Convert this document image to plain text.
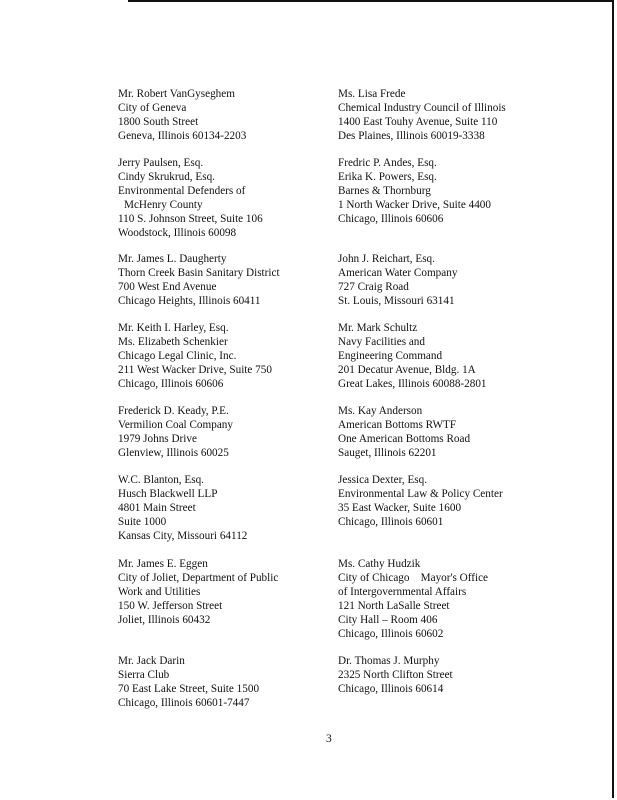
Mr. Robert VanGyseghem
City of Geneva
1800 South Street
Geneva, Illinois 60134-2203
Jerry Paulsen, Esq.
Cindy Skrukrud, Esq.
Environmental Defenders of
McHenry County
110 S. Johnson Street, Suite 106
Woodstock, Illinois 60098
Mr. James L. Daugherty
Thorn Creek Basin Sanitary District
700 West End Avenue
Chicago Heights, Illinois 60411
Mr. Keith I. Harley, Esq.
Ms. Elizabeth Schenkier
Chicago Legal Clinic, Inc.
211 West Wacker Drive, Suite 750
Chicago, Illinois 60606
Frederick D. Keady, P.E.
Vermilion Coal Company
1979 Johns Drive
Glenview, Illinois 60025
W.C. Blanton, Esq.
Husch Blackwell LLP
4801 Main Street
Suite 1000
Kansas City, Missouri 64112
Mr. James E. Eggen
City of Joliet, Department of Public
Work and Utilities
150 W. Jefferson Street
Joliet, Illinois 60432
Mr. Jack Darin
Sierra Club
70 East Lake Street, Suite 1500
Chicago, Illinois 60601-7447
Ms. Lisa Frede
Chemical Industry Council of Illinois
1400 East Touhy Avenue, Suite 110
Des Plaines, Illinois 60019-3338
Fredric P. Andes, Esq.
Erika K. Powers, Esq.
Barnes & Thornburg
1 North Wacker Drive, Suite 4400
Chicago, Illinois 60606
John J. Reichart, Esq.
American Water Company
727 Craig Road
St. Louis, Missouri 63141
Mr. Mark Schultz
Navy Facilities and
Engineering Command
201 Decatur Avenue, Bldg. 1A
Great Lakes, Illinois 60088-2801
Ms. Kay Anderson
American Bottoms RWTF
One American Bottoms Road
Sauget, Illinois 62201
Jessica Dexter, Esq.
Environmental Law & Policy Center
35 East Wacker, Suite 1600
Chicago, Illinois 60601
Ms. Cathy Hudzik
City of Chicago    Mayor's Office
of Intergovernmental Affairs
121 North LaSalle Street
City Hall – Room 406
Chicago, Illinois 60602
Dr. Thomas J. Murphy
2325 North Clifton Street
Chicago, Illinois 60614
3
